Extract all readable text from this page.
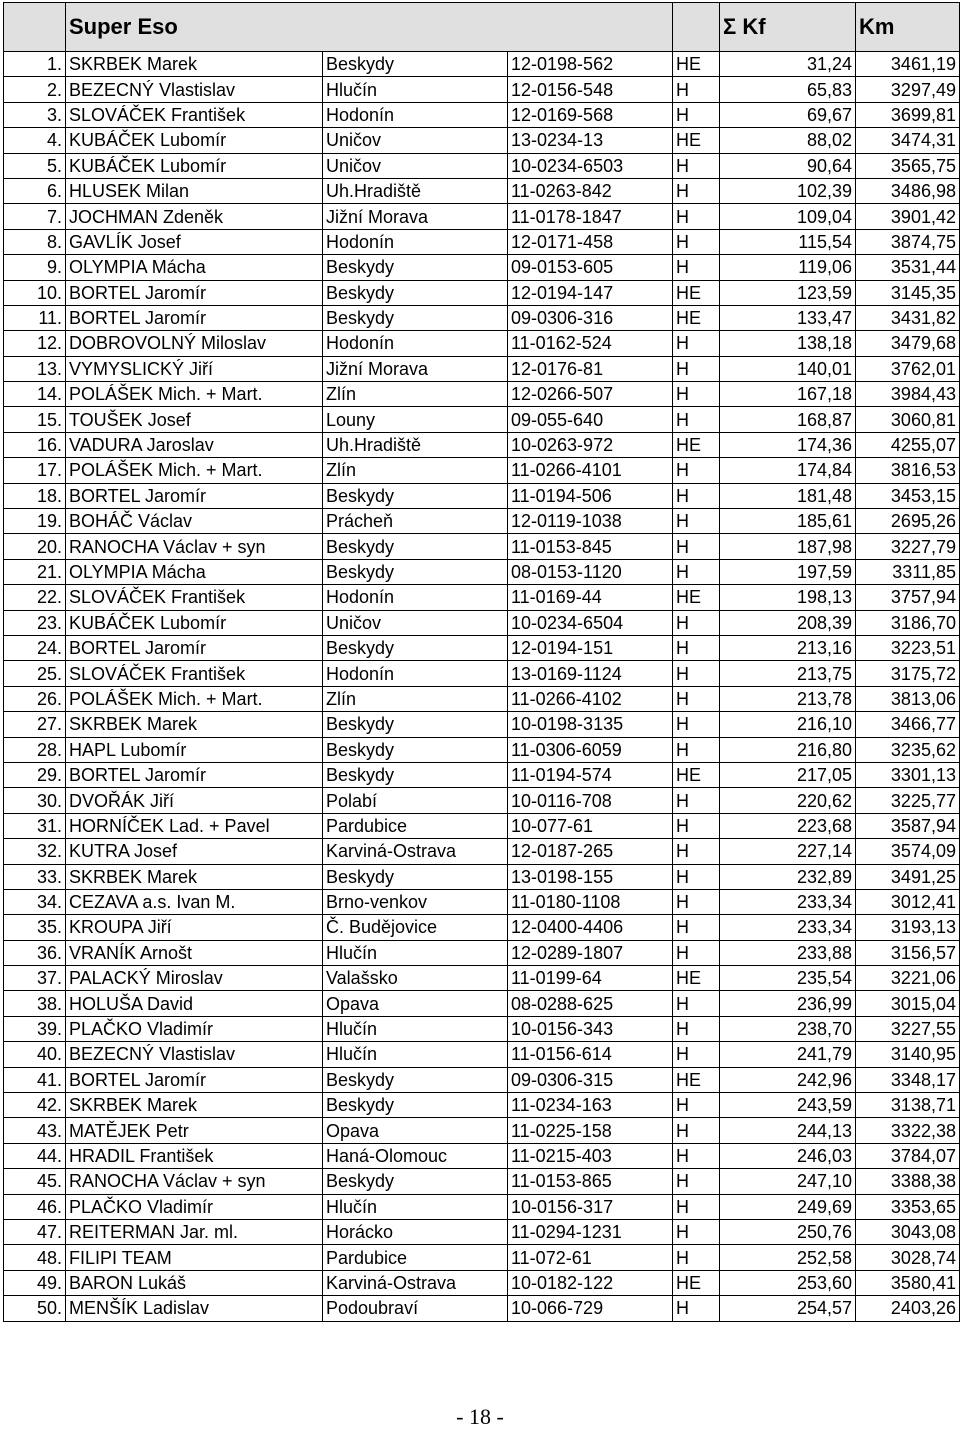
	Super Eso				Σ Kf	Km
1.	SKRBEK Marek	Beskydy	12-0198-562	HE	31,24	3461,19
2.	BEZECNÝ Vlastislav	Hlučín	12-0156-548	H	65,83	3297,49
3.	SLOVÁČEK František	Hodonín	12-0169-568	H	69,67	3699,81
4.	KUBÁČEK Lubomír	Uničov	13-0234-13	HE	88,02	3474,31
5.	KUBÁČEK Lubomír	Uničov	10-0234-6503	H	90,64	3565,75
6.	HLUSEK Milan	Uh.Hradiště	11-0263-842	H	102,39	3486,98
7.	JOCHMAN Zdeněk	Jižní Morava	11-0178-1847	H	109,04	3901,42
8.	GAVLÍK Josef	Hodonín	12-0171-458	H	115,54	3874,75
9.	OLYMPIA Mácha	Beskydy	09-0153-605	H	119,06	3531,44
10.	BORTEL Jaromír	Beskydy	12-0194-147	HE	123,59	3145,35
11.	BORTEL Jaromír	Beskydy	09-0306-316	HE	133,47	3431,82
12.	DOBROVOLNÝ Miloslav	Hodonín	11-0162-524	H	138,18	3479,68
13.	VYMYSLICKÝ Jiří	Jižní Morava	12-0176-81	H	140,01	3762,01
14.	POLÁŠEK Mich. + Mart.	Zlín	12-0266-507	H	167,18	3984,43
15.	TOUŠEK Josef	Louny	09-055-640	H	168,87	3060,81
16.	VADURA Jaroslav	Uh.Hradiště	10-0263-972	HE	174,36	4255,07
17.	POLÁŠEK Mich. + Mart.	Zlín	11-0266-4101	H	174,84	3816,53
18.	BORTEL Jaromír	Beskydy	11-0194-506	H	181,48	3453,15
19.	BOHÁČ Václav	Prácheň	12-0119-1038	H	185,61	2695,26
20.	RANOCHA Václav + syn	Beskydy	11-0153-845	H	187,98	3227,79
21.	OLYMPIA Mácha	Beskydy	08-0153-1120	H	197,59	3311,85
22.	SLOVÁČEK František	Hodonín	11-0169-44	HE	198,13	3757,94
23.	KUBÁČEK Lubomír	Uničov	10-0234-6504	H	208,39	3186,70
24.	BORTEL Jaromír	Beskydy	12-0194-151	H	213,16	3223,51
25.	SLOVÁČEK František	Hodonín	13-0169-1124	H	213,75	3175,72
26.	POLÁŠEK Mich. + Mart.	Zlín	11-0266-4102	H	213,78	3813,06
27.	SKRBEK Marek	Beskydy	10-0198-3135	H	216,10	3466,77
28.	HAPL Lubomír	Beskydy	11-0306-6059	H	216,80	3235,62
29.	BORTEL Jaromír	Beskydy	11-0194-574	HE	217,05	3301,13
30.	DVOŘÁK Jiří	Polabí	10-0116-708	H	220,62	3225,77
31.	HORNÍČEK Lad. + Pavel	Pardubice	10-077-61	H	223,68	3587,94
32.	KUTRA Josef	Karviná-Ostrava	12-0187-265	H	227,14	3574,09
33.	SKRBEK Marek	Beskydy	13-0198-155	H	232,89	3491,25
34.	CEZAVA a.s. Ivan M.	Brno-venkov	11-0180-1108	H	233,34	3012,41
35.	KROUPA Jiří	Č. Budějovice	12-0400-4406	H	233,34	3193,13
36.	VRANÍK Arnošt	Hlučín	12-0289-1807	H	233,88	3156,57
37.	PALACKÝ Miroslav	Valašsko	11-0199-64	HE	235,54	3221,06
38.	HOLUŠA David	Opava	08-0288-625	H	236,99	3015,04
39.	PLAČKO Vladimír	Hlučín	10-0156-343	H	238,70	3227,55
40.	BEZECNÝ Vlastislav	Hlučín	11-0156-614	H	241,79	3140,95
41.	BORTEL Jaromír	Beskydy	09-0306-315	HE	242,96	3348,17
42.	SKRBEK Marek	Beskydy	11-0234-163	H	243,59	3138,71
43.	MATĚJEK Petr	Opava	11-0225-158	H	244,13	3322,38
44.	HRADIL František	Haná-Olomouc	11-0215-403	H	246,03	3784,07
45.	RANOCHA Václav + syn	Beskydy	11-0153-865	H	247,10	3388,38
46.	PLAČKO Vladimír	Hlučín	10-0156-317	H	249,69	3353,65
47.	REITERMAN Jar. ml.	Horácko	11-0294-1231	H	250,76	3043,08
48.	FILIPI TEAM	Pardubice	11-072-61	H	252,58	3028,74
49.	BARON Lukáš	Karviná-Ostrava	10-0182-122	HE	253,60	3580,41
50.	MENŠÍK Ladislav	Podoubraví	10-066-729	H	254,57	2403,26
- 18 -
